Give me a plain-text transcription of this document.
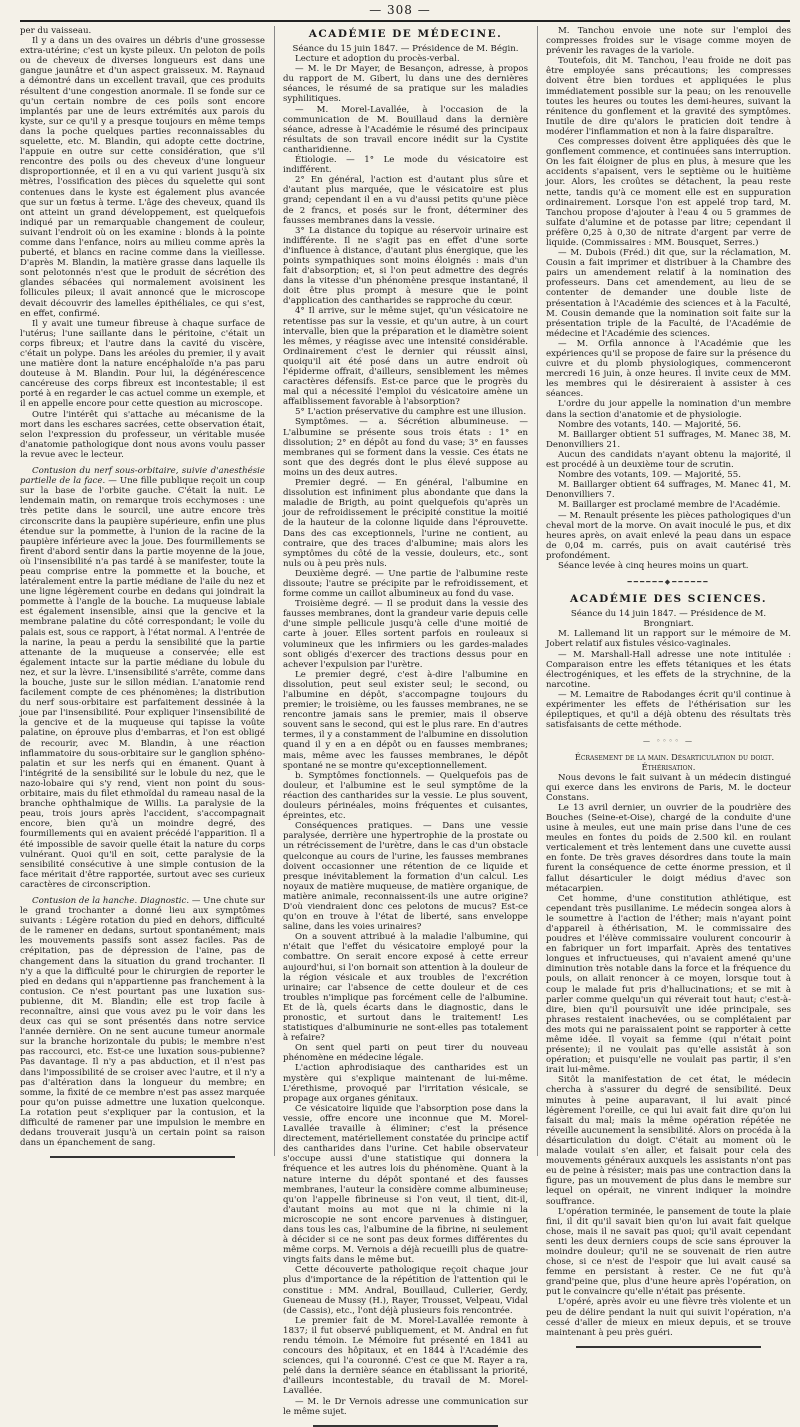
— 308 —

per du vaisseau.

Il y a dans un des ovaires un débris d'une grossesse extra-utérine; c'est un kyste pileux. Un peloton de poils ou de cheveux de diverses longueurs est dans une gangue jaunâtre et d'un aspect graisseux. M. Raynaud a démontré dans un excellent travail, que ces produits résultent d'une congestion anormale. Il se fonde sur ce qu'un certain nombre de ces poils sont encore implantés par une de leurs extrémités aux parois du kyste, sur ce qu'il y a presque toujours en même temps dans la poche quelques parties reconnaissables du squelette, etc. M. Blandin, qui adopte cette doctrine, l'appuie en outre sur cette considération, que s'il rencontre des poils ou des cheveux d'une longueur disproportionnée, et il en a vu qui varient jusqu'à six mètres, l'ossification des pièces du squelette qui sont contenues dans le kyste est également plus avancée que sur un fœtus à terme. L'âge des cheveux, quand ils ont atteint un grand développement, est quelquefois indiqué par un remarquable changement de couleur, suivant l'endroit où on les examine : blonds à la pointe comme dans l'enfance, noirs au milieu comme après la puberté, et blancs en racine comme dans la vieillesse. D'après M. Blandin, la matière grasse dans laquelle ils sont pelotonnés n'est que le produit de sécrétion des glandes sébacées qui normalement avoisinent les follicules pileux; il avait annoncé que le microscope devait découvrir des lamelles épithéliales, ce qui s'est, en effet, confirmé.

Il y avait une tumeur fibreuse à chaque surface de l'utérus; l'une saillante dans le péritoine, c'était un corps fibreux; et l'autre dans la cavité du viscère, c'était un polype. Dans les aréoles du premier, il y avait une matière dont la nature encéphaloïde n'a pas paru douteuse à M. Blandin. Pour lui, la dégénérescence cancéreuse des corps fibreux est incontestable; il est porté à en regarder le cas actuel comme un exemple, et il en appelle encore pour cette question au microscope.

Outre l'intérêt qui s'attache au mécanisme de la mort dans les eschares sacrées, cette observation était, selon l'expression du professeur, un véritable musée d'anatomie pathologique dont nous avons voulu passer la revue avec le lecteur.

Contusion du nerf sous-orbitaire, suivie d'anesthésie partielle de la face. — Une fille publique reçoit un coup sur la base de l'orbite gauche. C'était la nuit. Le lendemain matin, on remarque trois ecchymoses : une très petite dans le sourcil, une autre encore très circonscrite dans la paupière supérieure, enfin une plus étendue sur la pommette, à l'union de la racine de la paupière inférieure avec la joue. Des fourmillements se firent d'abord sentir dans la partie moyenne de la joue, où l'insensibilité n'a pas tardé à se manifester, toute la peau comprise entre la pommette et la bouche, et latéralement entre la partie médiane de l'aile du nez et une ligne légèrement courbe en dedans qui joindrait la pommette à l'angle de la bouche. La muqueuse labiale est également insensible, ainsi que la gencive et la membrane palatine du côté correspondant; le voile du palais est, sous ce rapport, à l'état normal. A l'entrée de la narine, la peau a perdu la sensibilité que la partie attenante de la muqueuse a conservée; elle est également intacte sur la partie médiane du lobule du nez, et sur la lèvre. L'insensibilité s'arrête, comme dans la bouche, juste sur le sillon médian. L'anatomie rend facilement compte de ces phénomènes; la distribution du nerf sous-orbitaire est parfaitement dessinée à la joue par l'insensibilité. Pour expliquer l'insensibilité de la gencive et de la muqueuse qui tapisse la voûte palatine, on éprouve plus d'embarras, et l'on est obligé de recourir, avec M. Blandin, à une réaction inflammatoire du sous-orbitaire sur le ganglion sphéno-palatin et sur les nerfs qui en émanent. Quant à l'intégrité de la sensibilité sur le lobule du nez, que le nazo-lobaire qui s'y rend, vient non point du sous-orbitaire, mais du filet ethmoïdal du rameau nasal de la branche ophthalmique de Willis. La paralysie de la peau, trois jours après l'accident, s'accompagnait encore, bien qu'à un moindre degré, des fourmillements qui en avaient précédé l'apparition. Il a été impossible de savoir quelle était la nature du corps vulnérant. Quoi qu'il en soit, cette paralysie de la sensibilité consécutive à une simple contusion de la face méritait d'être rapportée, surtout avec ses curieux caractères de circonscription.

Contusion de la hanche. Diagnostic. — Une chute sur le grand trochanter a donné lieu aux symptômes suivants : Légère rotation du pied en dehors, difficulté de le ramener en dedans, surtout spontanément; mais les mouvements passifs sont assez faciles. Pas de crépitation, pas de dépression de l'aine, pas de changement dans la situation du grand trochanter. Il n'y a que la difficulté pour le chirurgien de reporter le pied en dedans qui n'appartienne pas franchement à la contusion. Ce n'est pourtant pas une luxation sus-pubienne, dit M. Blandin; elle est trop facile à reconnaître, ainsi que vous avez pu le voir dans les deux cas qui se sont présentés dans notre service l'année dernière. On ne sent aucune tumeur anormale sur la branche horizontale du pubis; le membre n'est pas raccourci, etc. Est-ce une luxation sous-pubienne? Pas davantage. Il n'y a pas abduction, et il n'est pas dans l'impossibilité de se croiser avec l'autre, et il n'y a pas d'altération dans la longueur du membre; en somme, la fixité de ce membre n'est pas assez marquée pour qu'on puisse admettre une luxation quelconque. La rotation peut s'expliquer par la contusion, et la difficulté de ramener par une impulsion le membre en dedans trouverait jusqu'à un certain point sa raison dans un épanchement de sang.

ACADÉMIE DE MÉDECINE.

Séance du 15 juin 1847. — Présidence de M. Bégin.

Lecture et adoption du procès-verbal.

— M. le Dr Mayer, de Besançon, adresse, à propos du rapport de M. Gibert, lu dans une des dernières séances, le résumé de sa pratique sur les maladies syphilitiques.

— M. Morel-Lavallée, à l'occasion de la communication de M. Bouillaud dans la dernière séance, adresse à l'Académie le résumé des principaux résultats de son travail encore inédit sur la Cystite cantharidienne.

Étiologie. — 1° Le mode du vésicatoire est indifférent.

2° En général, l'action est d'autant plus sûre et d'autant plus marquée, que le vésicatoire est plus grand; cependant il en a vu d'aussi petits qu'une pièce de 2 francs, et posés sur le front, déterminer des fausses membranes dans la vessie.

3° La distance du topique au réservoir urinaire est indifférente. Il ne s'agit pas en effet d'une sorte d'influence à distance, d'autant plus énergique, que les points sympathiques sont moins éloignés : mais d'un fait d'absorption; et, si l'on peut admettre des degrés dans la vitesse d'un phénomène presque instantané, il doit être plus prompt à mesure que le point d'application des cantharides se rapproche du cœur.

4° Il arrive, sur le même sujet, qu'un vésicatoire ne retentisse pas sur la vessie, et qu'un autre, à un court intervalle, bien que la préparation et le diamètre soient les mêmes, y réagisse avec une intensité considérable. Ordinairement c'est le dernier qui réussit ainsi, quoiqu'il ait été posé dans un autre endroit où l'épiderme offrait, d'ailleurs, sensiblement les mêmes caractères défensifs. Est-ce parce que le progrès du mal qui a nécessité l'emploi du vésicatoire amène un affaiblissement favorable à l'absorption?

5° L'action préservative du camphre est une illusion.

Symptômes. — a. Sécrétion albumineuse. — L'albumine se présente sous trois états : 1° en dissolution; 2° en dépôt au fond du vase; 3° en fausses membranes qui se forment dans la vessie. Ces états ne sont que des degrés dont le plus élevé suppose au moins un des deux autres.

Premier degré. — En général, l'albumine en dissolution est infiniment plus abondante que dans la maladie de Brigth, au point quelquefois qu'après un jour de refroidissement le précipité constitue la moitié de la hauteur de la colonne liquide dans l'éprouvette. Dans des cas exceptionnels, l'urine ne contient, au contraire, que des traces d'albumine; mais alors les symptômes du côté de la vessie, douleurs, etc., sont nuls ou à peu près nuls.

Deuxième degré. — Une partie de l'albumine reste dissoute; l'autre se précipite par le refroidissement, et forme comme un caillot albumineux au fond du vase.

Troisième degré. — Il se produit dans la vessie des fausses membranes, dont la grandeur varie depuis celle d'une simple pellicule jusqu'à celle d'une moitié de carte à jouer. Elles sortent parfois en rouleaux si volumineux que les infirmiers ou les gardes-malades sont obligés d'exercer des tractions dessus pour en achever l'expulsion par l'urètre.

Le premier degré, c'est à-dire l'albumine en dissolution, peut seul exister seul; le second, ou l'albumine en dépôt, s'accompagne toujours du premier; le troisième, ou les fausses membranes, ne se rencontre jamais sans le premier, mais il observe souvent sans le second, qui est le plus rare. En d'autres termes, il y a constamment de l'albumine en dissolution quand il y en a en dépôt ou en fausses membranes; mais, même avec les fausses membranes, le dépôt spontané ne se montre qu'exceptionnellement.

b. Symptômes fonctionnels. — Quelquefois pas de douleur, et l'albumine est le seul symptôme de la réaction des cantharides sur la vessie. Le plus souvent, douleurs périnéales, moins fréquentes et cuisantes, épreintes, etc.

Conséquences pratiques. — Dans une vessie paralysée, derrière une hypertrophie de la prostate ou un rétrécissement de l'urètre, dans le cas d'un obstacle quelconque au cours de l'urine, les fausses membranes doivent occasionner une rétention de ce liquide et presque inévitablement la formation d'un calcul. Les noyaux de matière muqueuse, de matière organique, de matière animale, reconnaissent-ils une autre origine? D'où viendraient donc ces pelotons de mucus? Est-ce qu'on en trouve à l'état de liberté, sans enveloppe saline, dans les voies urinaires?

On a souvent attribué à la maladie l'albumine, qui n'était que l'effet du vésicatoire employé pour la combattre. On serait encore exposé à cette erreur aujourd'hui, si l'on bornait son attention à la douleur de la région vésicale et aux troubles de l'excrétion urinaire; car l'absence de cette douleur et de ces troubles n'implique pas forcément celle de l'albumine. Et de là, quels écarts dans le diagnostic, dans le pronostic, et surtout dans le traitement! Les statistiques d'albuminurie ne sont-elles pas totalement à refaire?

On sent quel parti on peut tirer du nouveau phénomène en médecine légale.

L'action aphrodisiaque des cantharides est un mystère qui s'explique maintenant de lui-même. L'érethisme, provoqué par l'irritation vésicale, se propage aux organes génitaux.

Ce vésicatoire liquide que l'absorption pose dans la vessie, offre encore une inconnue que M. Morel-Lavallée travaille à éliminer; c'est la présence directement, matériellement constatée du principe actif des cantharides dans l'urine. Cet habile observateur s'occupe aussi d'une statistique qui donnera la fréquence et les autres lois du phénomène. Quant à la nature interne du dépôt spontané et des fausses membranes, l'auteur la considère comme albumineuse; qu'on l'appelle fibrineuse si l'on veut, il tient, dit-il, d'autant moins au mot que ni la chimie ni la microscopie ne sont encore parvenues à distinguer, dans tous les cas, l'albumine de la fibrine, ni seulement à décider si ce ne sont pas deux formes différentes du même corps. M. Vernois a déjà recueilli plus de quatre-vingts faits dans le même but.

Cette découverte pathologique reçoit chaque jour plus d'importance de la répétition de l'attention qui le constitue : MM. Andral, Bouillaud, Cullerier, Gerdy, Gueneau de Mussy (H.), Rayer, Trousset, Velpeau, Vidal (de Cassis), etc., l'ont déjà plusieurs fois rencontrée.

Le premier fait de M. Morel-Lavallée remonte à 1837; il fut observé publiquement, et M. Andral en fut rendu témoin. Le Mémoire fut présenté en 1841 au concours des hôpitaux, et en 1844 à l'Académie des sciences, qui l'a couronné. C'est ce que M. Rayer a ra, pelé dans la dernière séance en établissant la priorité, d'ailleurs incontestable, du travail de M. Morel-Lavallée.

— M. le Dr Vernois adresse une communication sur le même sujet.

M. Tanchou envoie une note sur l'emploi des compresses froides sur le visage comme moyen de prévenir les ravages de la variole.

Toutefois, dit M. Tanchou, l'eau froide ne doit pas être employée sans précautions; les compresses doivent être bien tordues et appliquées le plus immédiatement possible sur la peau; on les renouvelle toutes les heures ou toutes les demi-heures, suivant la rénitence du gonflement et la gravité des symptômes. Inutile de dire qu'alors le praticien doit tendre à modérer l'inflammation et non à la faire disparaître.

Ces compresses doivent être appliquées dès que le gonflement commence, et continuées sans interruption. On les fait éloigner de plus en plus, à mesure que les accidents s'apaisent, vers le septième ou le huitième jour. Alors, les croûtes se détachent, la peau reste nette, tandis qu'à ce moment elle est en suppuration ordinairement. Lorsque l'on est appelé trop tard, M. Tanchou propose d'ajouter à l'eau 4 ou 5 grammes de sulfate d'alumine et de potasse par litre; cependant il préfère 0,25 à 0,30 de nitrate d'argent par verre de liquide. (Commissaires : MM. Bousquet, Serres.)

— M. Dubois (Fréd.) dit que, sur la réclamation, M. Cousin a fait imprimer et distribuer à la Chambre des pairs un amendement relatif à la nomination des professeurs. Dans cet amendement, au lieu de se contenter de demander une double liste de présentation à l'Académie des sciences et à la Faculté, M. Cousin demande que la nomination soit faite sur la présentation triple de la Faculté, de l'Académie de médecine et l'Académie des sciences.

— M. Orfila annonce à l'Académie que les expériences qu'il se propose de faire sur la présence du cuivre et du plomb physiologiques, commenceront mercredi 16 juin, à onze heures. Il invite ceux de MM. les membres qui le désireraient à assister à ces séances.

L'ordre du jour appelle la nomination d'un membre dans la section d'anatomie et de physiologie.

Nombre des votants, 140. — Majorité, 56.

M. Baillarger obtient 51 suffrages, M. Manec 38, M. Denonvilliers 21.

Aucun des candidats n'ayant obtenu la majorité, il est procédé à un deuxième tour de scrutin.

Nombre des votants, 109. — Majorité, 55.

M. Baillarger obtient 64 suffrages, M. Manec 41, M. Denonvilliers 7.

M. Baillarger est proclamé membre de l'Académie.

— M. Renault présente les pièces pathologiques d'un cheval mort de la morve. On avait inoculé le pus, et dix heures après, on avait enlevé la peau dans un espace de 0,04 m. carrés, puis on avait cautérisé très profondément.

Séance levée à cinq heures moins un quart.

━━━━━━◆━━━━━━
ACADÉMIE DES SCIENCES.

Séance du 14 juin 1847. — Présidence de M. Brongniart.

M. Lallemand lit un rapport sur le mémoire de M. Jobert relatif aux fistules vésico-vaginales.

— M. Marshall-Hall adresse une note intitulée : Comparaison entre les effets tétaniques et les états électrogéniques, et les effets de la strychnine, de la narcotine.

— M. Lemaitre de Rabodanges écrit qu'il continue à expérimenter les effets de l'éthérisation sur les épileptiques, et qu'il a déjà obtenu des résultats très satisfaisants de cette méthode.

— ◦◦◦◦ —

Écrasement de la main. Désarticulation du doigt. Éthérisation.

Nous devons le fait suivant à un médecin distingué qui exerce dans les environs de Paris, M. le docteur Constans.

Le 13 avril dernier, un ouvrier de la poudrière des Bouches (Seine-et-Oise), chargé de la conduite d'une usine à meules, eut une main prise dans l'une de ces meules en fontes du poids de 2.500 kil. en roulant verticalement et très lentement dans une cuvette aussi en fonte. De très graves désordres dans toute la main furent la conséquence de cette énorme pression, et il fallut désarticuler le doigt médius d'avec son métacarpien.

Cet homme, d'une constitution athlétique, est cependant très pusillanime. Le médecin songea alors à le soumettre à l'action de l'éther; mais n'ayant point d'appareil à éthérisation, M. le commissaire des poudres et l'élève commissaire voulurent concourir à en fabriquer un fort imparfait. Après des tentatives longues et infructueuses, qui n'avaient amené qu'une diminution très notable dans la force et la fréquence du pouls, on allait renoncer à ce moyen, lorsque tout à coup le malade fut pris d'hallucinations; et se mit à parler comme quelqu'un qui réverait tout haut; c'est-à-dire, bien qu'il poursuivît une idée principale, ses phrases restaient inachevées, ou se complétaient par des mots qui ne paraissaient point se rapporter à cette même idée. Il voyait sa femme (qui n'était point présente); il ne voulait pas qu'elle assistât à son opération; et puisqu'elle ne voulait pas partir, il s'en irait lui-même.

Sitôt la manifestation de cet état, le médecin chercha à s'assurer du degré de sensibilité. Deux minutes à peine auparavant, il lui avait pincé légèrement l'oreille, ce qui lui avait fait dire qu'on lui faisait du mal; mais la même opération répétée ne réveille aucunement la sensibilité. Alors on procéda à la désarticulation du doigt. C'était au moment où le malade voulait s'en aller, et faisait pour cela des mouvements généraux auxquels les assistants n'ont pas eu de peine à résister; mais pas une contraction dans la figure, pas un mouvement de plus dans le membre sur lequel on opérait, ne vinrent indiquer la moindre souffrance.

L'opération terminée, le pansement de toute la plaie fini, il dit qu'il savait bien qu'on lui avait fait quelque chose, mais il ne savait pas quoi; qu'il avait cependant senti les deux derniers coups de scie sans éprouver la moindre douleur; qu'il ne se souvenait de rien autre chose, si ce n'est de l'espoir que lui avait causé sa femme en persistant à rester. Ce ne fut qu'à grand'peine que, plus d'une heure après l'opération, on put le convaincre qu'elle n'était pas présente.

L'opéré, après avoir eu une fièvre très violente et un peu de délire pendant la nuit qui suivit l'opération, n'a cessé d'aller de mieux en mieux depuis, et se trouve maintenant à peu près guéri.
